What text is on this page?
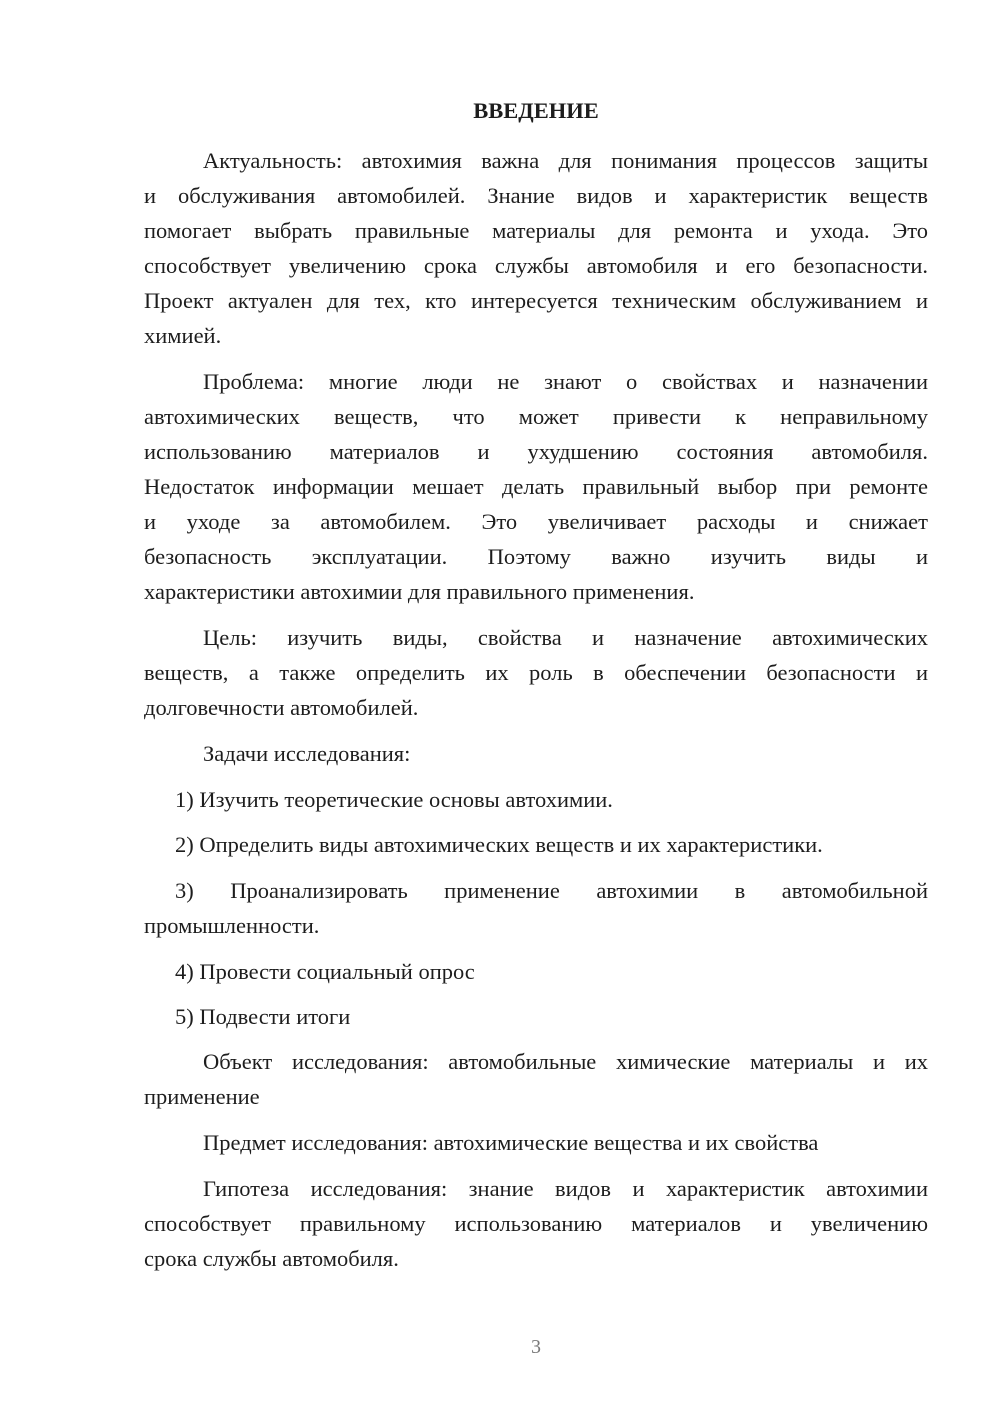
ВВЕДЕНИЕ
Актуальность: автохимия важна для понимания процессов защиты
и обслуживания автомобилей. Знание видов и характеристик веществ
помогает выбрать правильные материалы для ремонта и ухода. Это
способствует увеличению срока службы автомобиля и его безопасности.
Проект актуален для тех, кто интересуется техническим обслуживанием и
химией.
Проблема: многие люди не знают о свойствах и назначении
автохимических веществ, что может привести к неправильному
использованию материалов и ухудшению состояния автомобиля.
Недостаток информации мешает делать правильный выбор при ремонте
и уходе за автомобилем. Это увеличивает расходы и снижает
безопасность эксплуатации. Поэтому важно изучить виды и
характеристики автохимии для правильного применения.
Цель: изучить виды, свойства и назначение автохимических
веществ, а также определить их роль в обеспечении безопасности и
долговечности автомобилей.
Задачи исследования:
1) Изучить теоретические основы автохимии.
2) Определить виды автохимических веществ и их характеристики.
3) Проанализировать применение автохимии в автомобильной
промышленности.
4) Провести социальный опрос
5) Подвести итоги
Объект исследования: автомобильные химические материалы и их
применение
Предмет исследования: автохимические вещества и их свойства
Гипотеза исследования: знание видов и характеристик автохимии
способствует правильному использованию материалов и увеличению
срока службы автомобиля.
3
